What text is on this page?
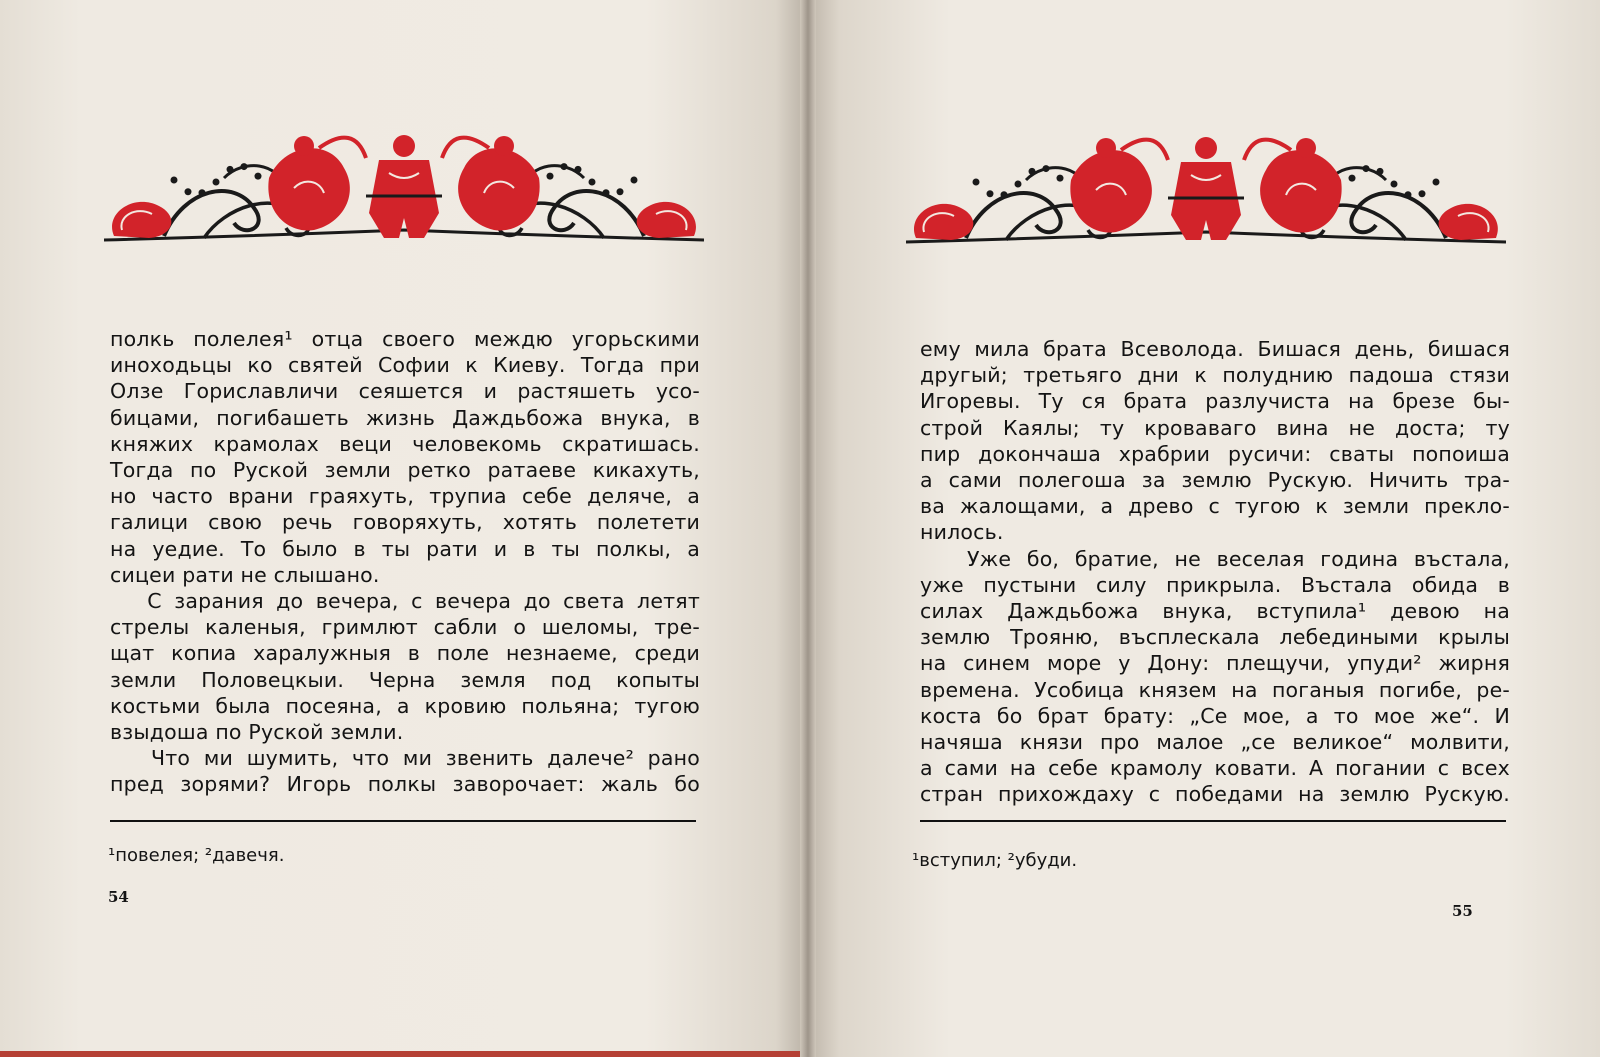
полкь полелея¹ отца своего междю угорьскими
иноходьцы ко святей Софии к Киеву. Тогда при
Олзе Гориславличи сеяшется и растяшеть усо-
бицами, погибашеть жизнь Даждьбожа внука, в
княжих крамолах веци человекомь скратишась.
Тогда по Руской земли ретко ратаеве кикахуть,
но часто врани граяхуть, трупиа себе деляче, а
галици свою речь говоряхуть, хотять полетети
на уедие. То было в ты рати и в ты полкы, а
сицеи рати не слышано.
С зарания до вечера, с вечера до света летят
стрелы каленыя, гримлют сабли о шеломы, тре-
щат копиа харалужныя в поле незнаеме, среди
земли Половецкыи. Черна земля под копыты
костьми была посеяна, а кровию польяна; тугою
взыдоша по Руской земли.
Что ми шумить, что ми звенить далече² рано
пред зорями? Игорь полкы заворочает: жаль бо
¹повелея; ²давечя.
54
ему мила брата Всеволода. Бишася день, бишася
другый; третьяго дни к полуднию падоша стязи
Игоревы. Ту ся брата разлучиста на брезе бы-
строй Каялы; ту кроваваго вина не доста; ту
пир докончаша храбрии русичи: сваты попоиша
а сами полегоша за землю Рускую. Ничить тра-
ва жалощами, а древо с тугою к земли прекло-
нилось.
Уже бо, братие, не веселая година въстала,
уже пустыни силу прикрыла. Въстала обида в
силах Даждьбожа внука, вступила¹ девою на
землю Трояню, въсплескала лебедиными крылы
на синем море у Дону: плещучи, упуди² жирня
времена. Усобица князем на поганыя погибе, ре-
коста бо брат брату: „Се мое, а то мое же“. И
начяша князи про малое „се великое“ молвити,
а сами на себе крамолу ковати. А погании с всех
стран прихождаху с победами на землю Рускую.
¹вступил; ²убуди.
55
